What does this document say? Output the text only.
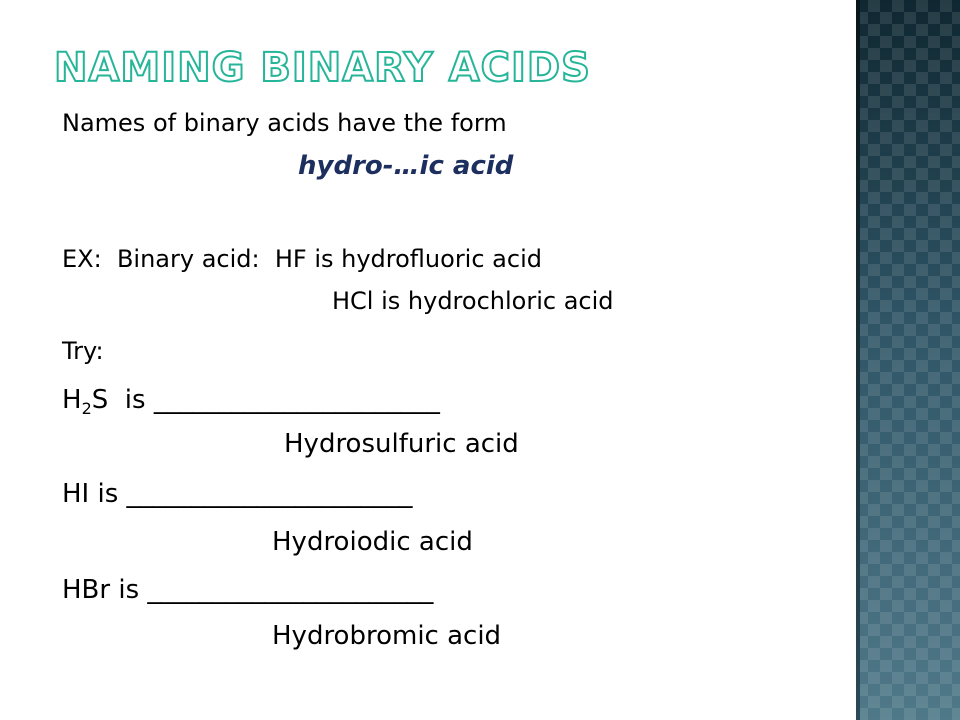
NAMING BINARY ACIDS
Names of binary acids have the form
hydro-…ic acid
EX:  Binary acid:  HF is hydrofluoric acid
HCl is hydrochloric acid
Try:
$H_2S$  is ______________________
Hydrosulfuric acid
HI is ______________________
Hydroiodic acid
HBr is ______________________
Hydrobromic acid
